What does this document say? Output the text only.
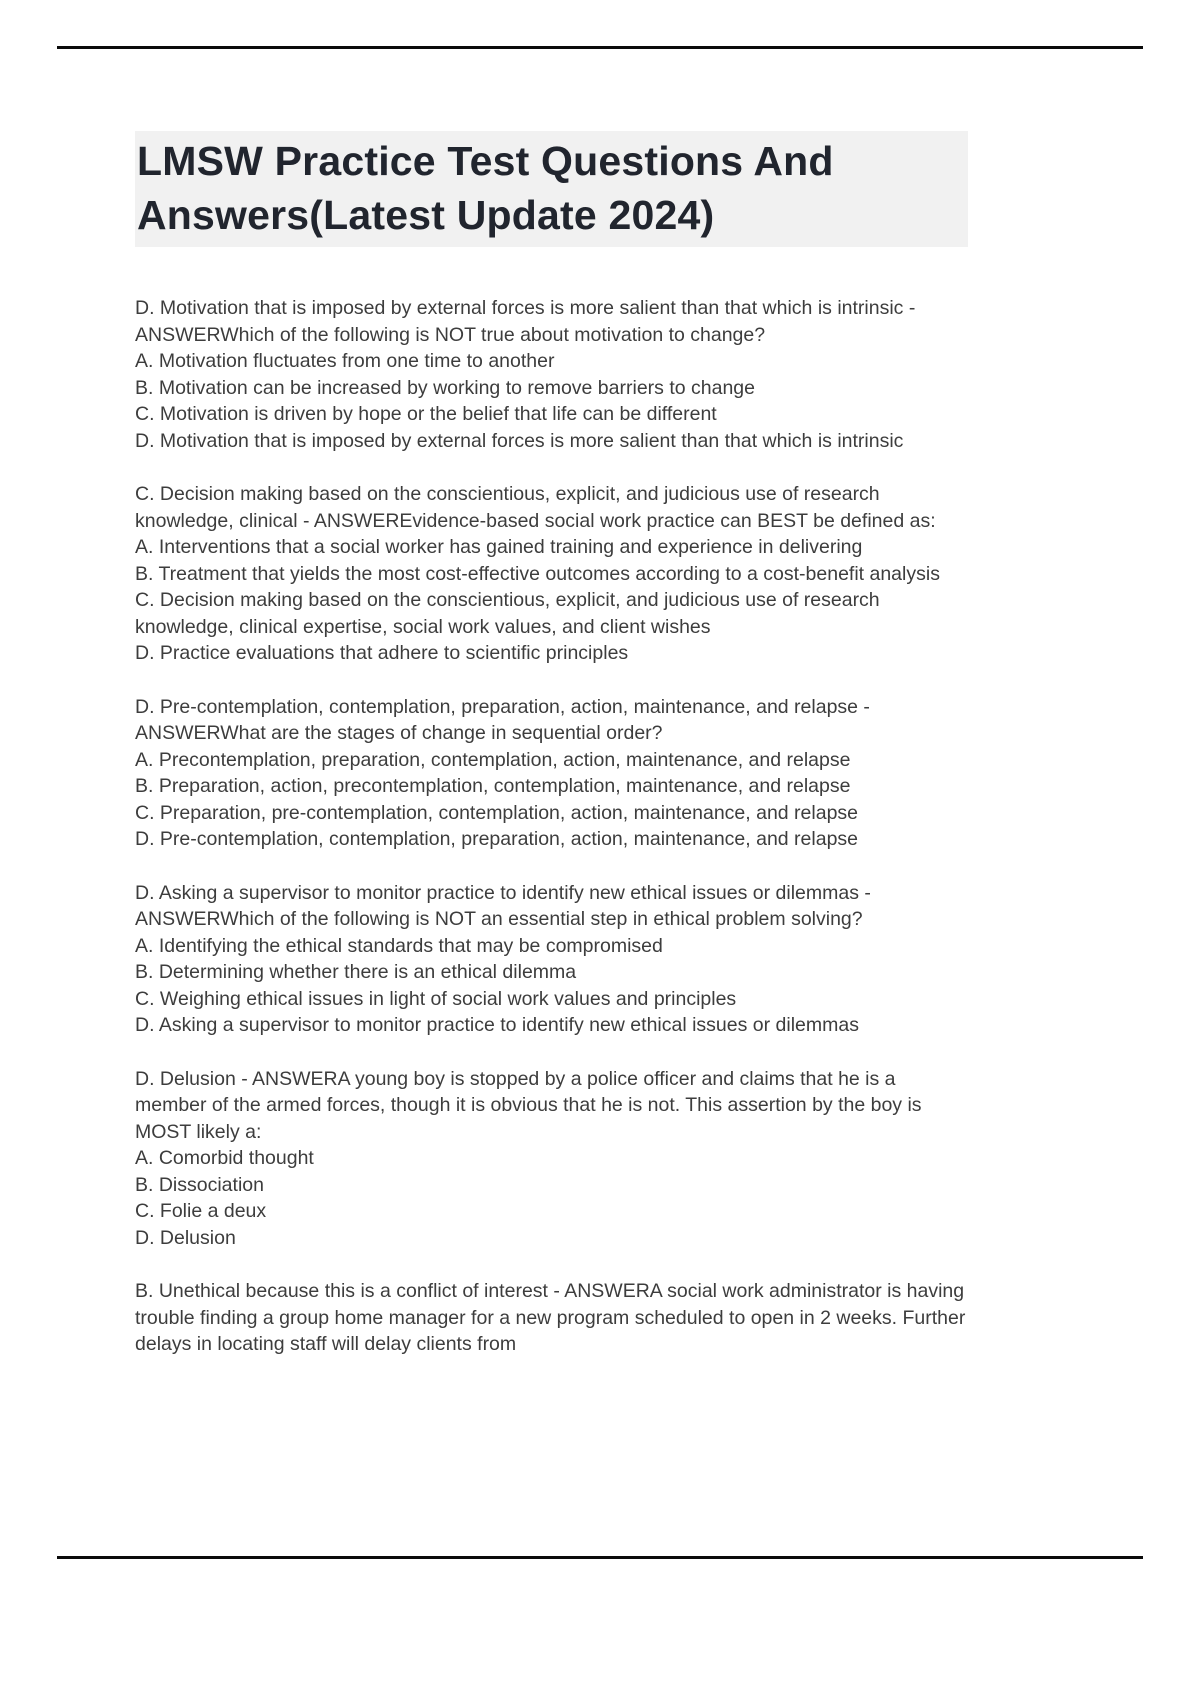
LMSW Practice Test Questions And
Answers(Latest Update 2024)
D. Motivation that is imposed by external forces is more salient than that which is intrinsic - ANSWERWhich of the following is NOT true about motivation to change?
A. Motivation fluctuates from one time to another
B. Motivation can be increased by working to remove barriers to change
C. Motivation is driven by hope or the belief that life can be different
D. Motivation that is imposed by external forces is more salient than that which is intrinsic
C. Decision making based on the conscientious, explicit, and judicious use of research knowledge, clinical - ANSWEREvidence-based social work practice can BEST be defined as:
A. Interventions that a social worker has gained training and experience in delivering
B. Treatment that yields the most cost-effective outcomes according to a cost-benefit analysis
C. Decision making based on the conscientious, explicit, and judicious use of research knowledge, clinical expertise, social work values, and client wishes
D. Practice evaluations that adhere to scientific principles
D. Pre-contemplation, contemplation, preparation, action, maintenance, and relapse - ANSWERWhat are the stages of change in sequential order?
A. Precontemplation, preparation, contemplation, action, maintenance, and relapse
B. Preparation, action, precontemplation, contemplation, maintenance, and relapse
C. Preparation, pre-contemplation, contemplation, action, maintenance, and relapse
D. Pre-contemplation, contemplation, preparation, action, maintenance, and relapse
D. Asking a supervisor to monitor practice to identify new ethical issues or dilemmas - ANSWERWhich of the following is NOT an essential step in ethical problem solving?
A. Identifying the ethical standards that may be compromised
B. Determining whether there is an ethical dilemma
C. Weighing ethical issues in light of social work values and principles
D. Asking a supervisor to monitor practice to identify new ethical issues or dilemmas
D. Delusion - ANSWERA young boy is stopped by a police officer and claims that he is a member of the armed forces, though it is obvious that he is not. This assertion by the boy is MOST likely a:
A. Comorbid thought
B. Dissociation
C. Folie a deux
D. Delusion
B. Unethical because this is a conflict of interest - ANSWERA social work administrator is having trouble finding a group home manager for a new program scheduled to open in 2 weeks. Further delays in locating staff will delay clients from
